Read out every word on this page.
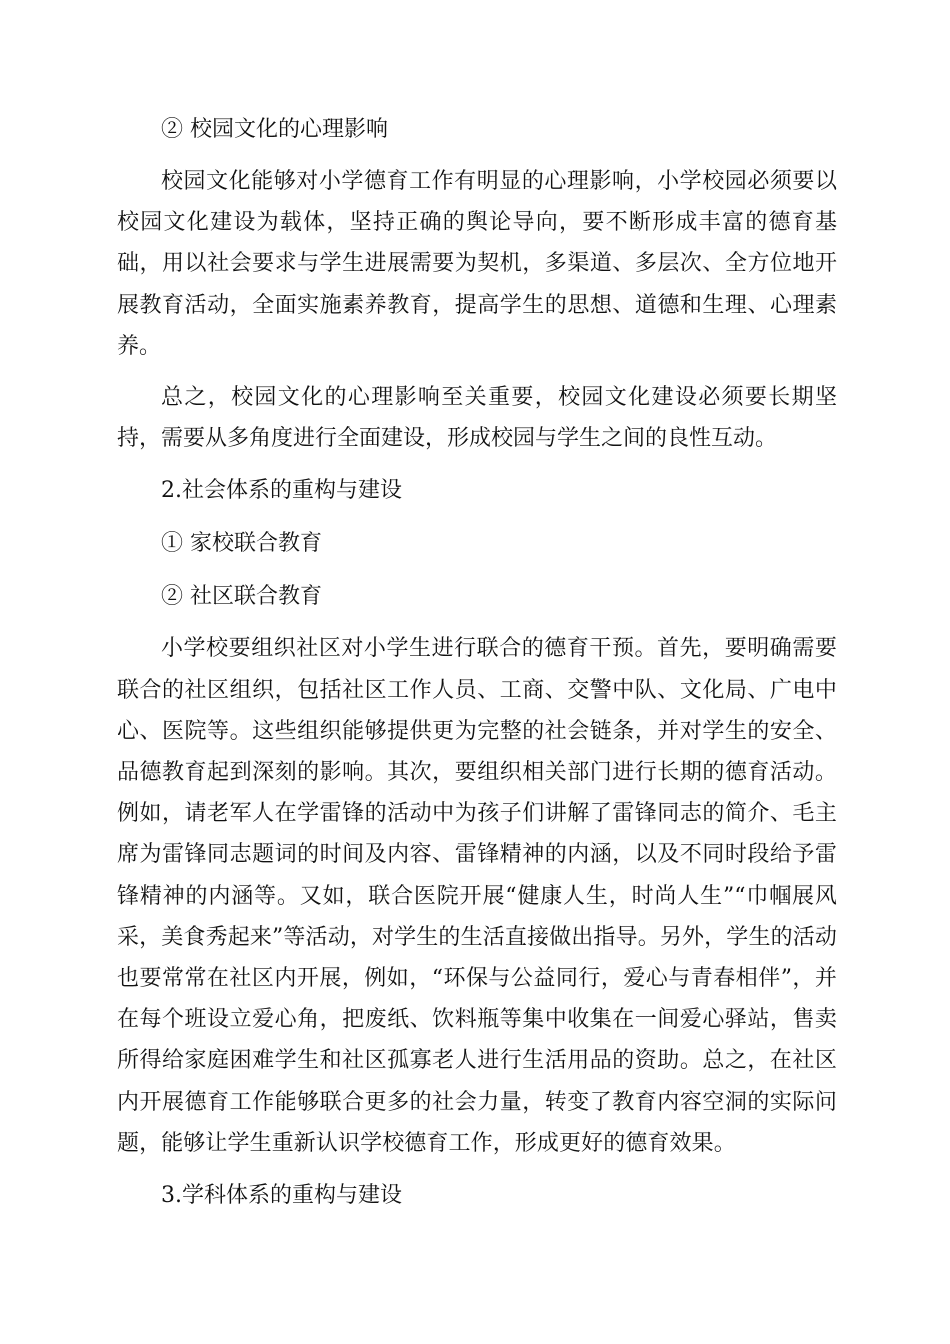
② 校园文化的心理影响

校园文化能够对小学德育工作有明显的心理影响，小学校园必须要以校园文化建设为载体，坚持正确的舆论导向，要不断形成丰富的德育基础，用以社会要求与学生进展需要为契机，多渠道、多层次、全方位地开展教育活动，全面实施素养教育，提高学生的思想、道德和生理、心理素养。

总之，校园文化的心理影响至关重要，校园文化建设必须要长期坚持，需要从多角度进行全面建设，形成校园与学生之间的良性互动。

2.社会体系的重构与建设
① 家校联合教育
② 社区联合教育

小学校要组织社区对小学生进行联合的德育干预。首先，要明确需要联合的社区组织，包括社区工作人员、工商、交警中队、文化局、广电中心、医院等。这些组织能够提供更为完整的社会链条，并对学生的安全、品德教育起到深刻的影响。其次，要组织相关部门进行长期的德育活动。例如，请老军人在学雷锋的活动中为孩子们讲解了雷锋同志的简介、毛主席为雷锋同志题词的时间及内容、雷锋精神的内涵，以及不同时段给予雷锋精神的内涵等。又如，联合医院开展“健康人生，时尚人生”“巾帼展风采，美食秀起来”等活动，对学生的生活直接做出指导。另外，学生的活动也要常常在社区内开展，例如，“环保与公益同行，爱心与青春相伴”，并在每个班设立爱心角，把废纸、饮料瓶等集中收集在一间爱心驿站，售卖所得给家庭困难学生和社区孤寡老人进行生活用品的资助。总之，在社区内开展德育工作能够联合更多的社会力量，转变了教育内容空洞的实际问题，能够让学生重新认识学校德育工作，形成更好的德育效果。

3.学科体系的重构与建设
